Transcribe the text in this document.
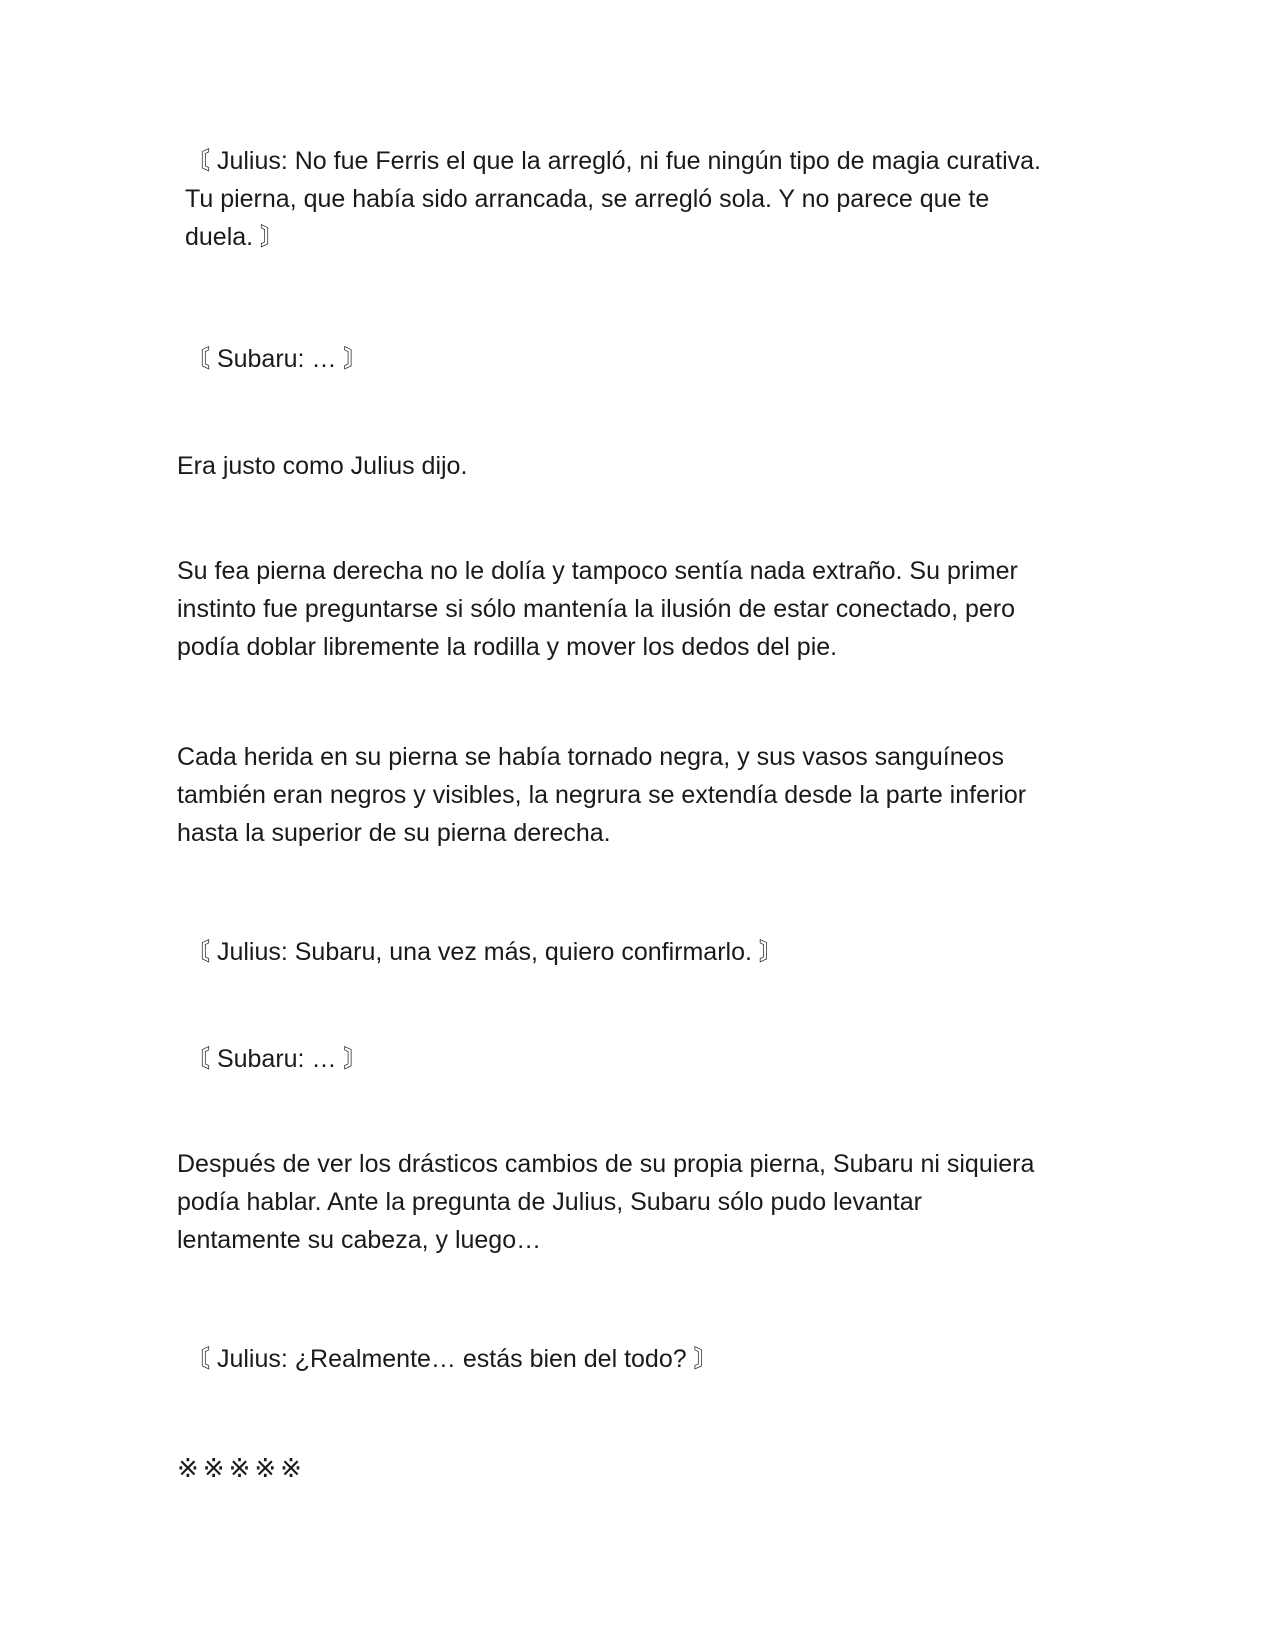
〘 Julius: No fue Ferris el que la arregló, ni fue ningún tipo de magia curativa.
Tu pierna, que había sido arrancada, se arregló sola. Y no parece que te
duela. 〙

〘 Subaru: … 〙

Era justo como Julius dijo.

Su fea pierna derecha no le dolía y tampoco sentía nada extraño. Su primer
instinto fue preguntarse si sólo mantenía la ilusión de estar conectado, pero
podía doblar libremente la rodilla y mover los dedos del pie.

Cada herida en su pierna se había tornado negra, y sus vasos sanguíneos
también eran negros y visibles, la negrura se extendía desde la parte inferior
hasta la superior de su pierna derecha.

〘 Julius: Subaru, una vez más, quiero confirmarlo. 〙

〘 Subaru: … 〙

Después de ver los drásticos cambios de su propia pierna, Subaru ni siquiera
podía hablar. Ante la pregunta de Julius, Subaru sólo pudo levantar
lentamente su cabeza, y luego…

〘 Julius: ¿Realmente… estás bien del todo? 〙

※※※※※
